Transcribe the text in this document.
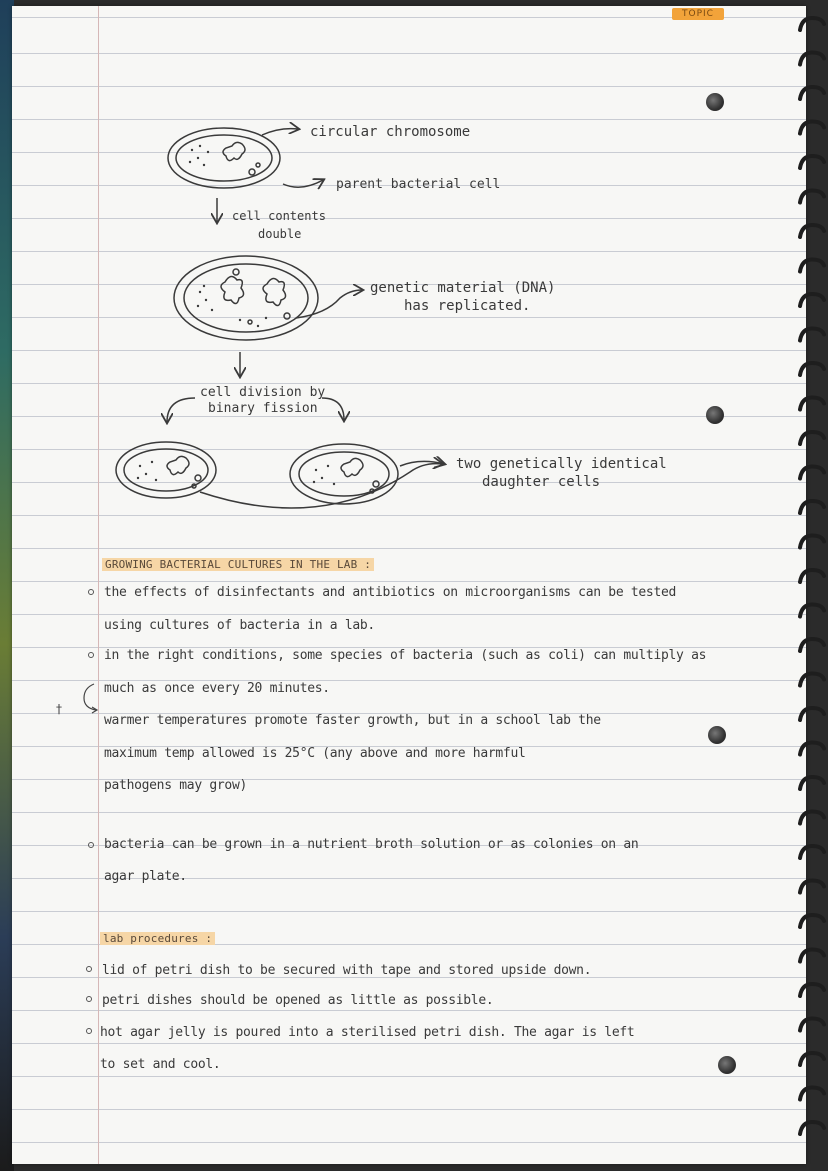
TOPIC
circular chromosome
parent bacterial cell
cell contents
double
genetic material (DNA)
has replicated.
cell division by
binary fission
two genetically identical
daughter cells
GROWING BACTERIAL CULTURES IN THE LAB :
the effects of disinfectants and antibiotics on microorganisms can be tested
using cultures of bacteria in a lab.
in the right conditions, some species of bacteria (such as coli) can multiply as
much as once every 20 minutes.
†
warmer temperatures promote faster growth, but in a school lab the
maximum temp allowed is 25°C (any above and more harmful
pathogens may grow)
bacteria can be grown in a nutrient broth solution or as colonies on an
agar plate.
lab procedures :
lid of petri dish to be secured with tape and stored upside down.
petri dishes should be opened as little as possible.
hot agar jelly is poured into a sterilised petri dish. The agar is left
to set and cool.
